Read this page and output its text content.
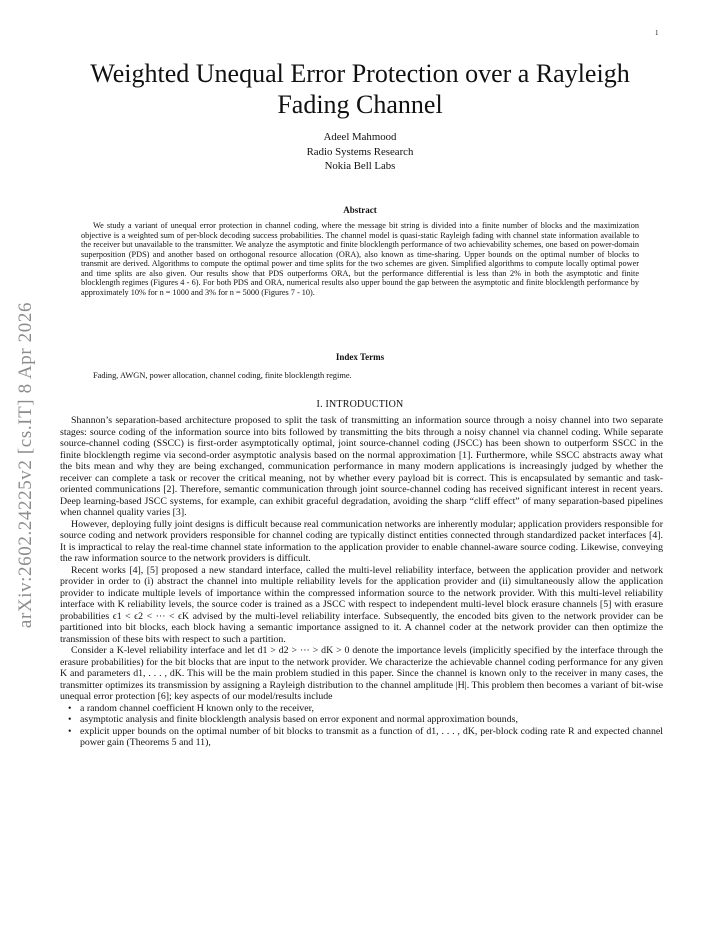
1
arXiv:2602.24225v2 [cs.IT] 8 Apr 2026
Weighted Unequal Error Protection over a Rayleigh Fading Channel
Adeel Mahmood
Radio Systems Research
Nokia Bell Labs
Abstract

We study a variant of unequal error protection in channel coding, where the message bit string is divided into a finite number of blocks and the maximization objective is a weighted sum of per-block decoding success probabilities. The channel model is quasi-static Rayleigh fading with channel state information available to the receiver but unavailable to the transmitter. We analyze the asymptotic and finite blocklength performance of two achievability schemes, one based on power-domain superposition (PDS) and another based on orthogonal resource allocation (ORA), also known as time-sharing. Upper bounds on the optimal number of blocks to transmit are derived. Algorithms to compute the optimal power and time splits for the two schemes are given. Simplified algorithms to compute locally optimal power and time splits are also given. Our results show that PDS outperforms ORA, but the performance differential is less than 2% in both the asymptotic and finite blocklength regimes (Figures 4 - 6). For both PDS and ORA, numerical results also upper bound the gap between the asymptotic and finite blocklength performance by approximately 10% for n = 1000 and 3% for n = 5000 (Figures 7 - 10).

Index Terms
Fading, AWGN, power allocation, channel coding, finite blocklength regime.
I. INTRODUCTION

Shannon’s separation-based architecture proposed to split the task of transmitting an information source through a noisy channel into two separate stages: source coding of the information source into bits followed by transmitting the bits through a noisy channel via channel coding. While separate source-channel coding (SSCC) is first-order asymptotically optimal, joint source-channel coding (JSCC) has been shown to outperform SSCC in the finite blocklength regime via second-order asymptotic analysis based on the normal approximation [1]. Furthermore, while SSCC abstracts away what the bits mean and why they are being exchanged, communication performance in many modern applications is increasingly judged by whether the receiver can complete a task or recover the critical meaning, not by whether every payload bit is correct. This is encapsulated by semantic and task-oriented communications [2]. Therefore, semantic communication through joint source-channel coding has received significant interest in recent years. Deep learning-based JSCC systems, for example, can exhibit graceful degradation, avoiding the sharp “cliff effect” of many separation-based pipelines when channel quality varies [3].

However, deploying fully joint designs is difficult because real communication networks are inherently modular; application providers responsible for source coding and network providers responsible for channel coding are typically distinct entities connected through standardized packet interfaces [4]. It is impractical to relay the real-time channel state information to the application provider to enable channel-aware source coding. Likewise, conveying the raw information source to the network providers is difficult.

Recent works [4], [5] proposed a new standard interface, called the multi-level reliability interface, between the application provider and network provider in order to (i) abstract the channel into multiple reliability levels for the application provider and (ii) simultaneously allow the application provider to indicate multiple levels of importance within the compressed information source to the network provider. With this multi-level reliability interface with K reliability levels, the source coder is trained as a JSCC with respect to independent multi-level block erasure channels [5] with erasure probabilities ϵ1 < ϵ2 < ··· < ϵK advised by the multi-level reliability interface. Subsequently, the encoded bits given to the network provider can be partitioned into bit blocks, each block having a semantic importance assigned to it. A channel coder at the network provider can then optimize the transmission of these bits with respect to such a partition.

Consider a K-level reliability interface and let d1 > d2 > ··· > dK > 0 denote the importance levels (implicitly specified by the interface through the erasure probabilities) for the bit blocks that are input to the network provider. We characterize the achievable channel coding performance for any given K and parameters d1, . . . , dK. This will be the main problem studied in this paper. Since the channel is known only to the receiver in many cases, the transmitter optimizes its transmission by assigning a Rayleigh distribution to the channel amplitude |H|. This problem then becomes a variant of bit-wise unequal error protection [6]; key aspects of our model/results include

• a random channel coefficient H known only to the receiver,
• asymptotic analysis and finite blocklength analysis based on error exponent and normal approximation bounds,
• explicit upper bounds on the optimal number of bit blocks to transmit as a function of d1, . . . , dK, per-block coding rate R and expected channel power gain (Theorems 5 and 11),
